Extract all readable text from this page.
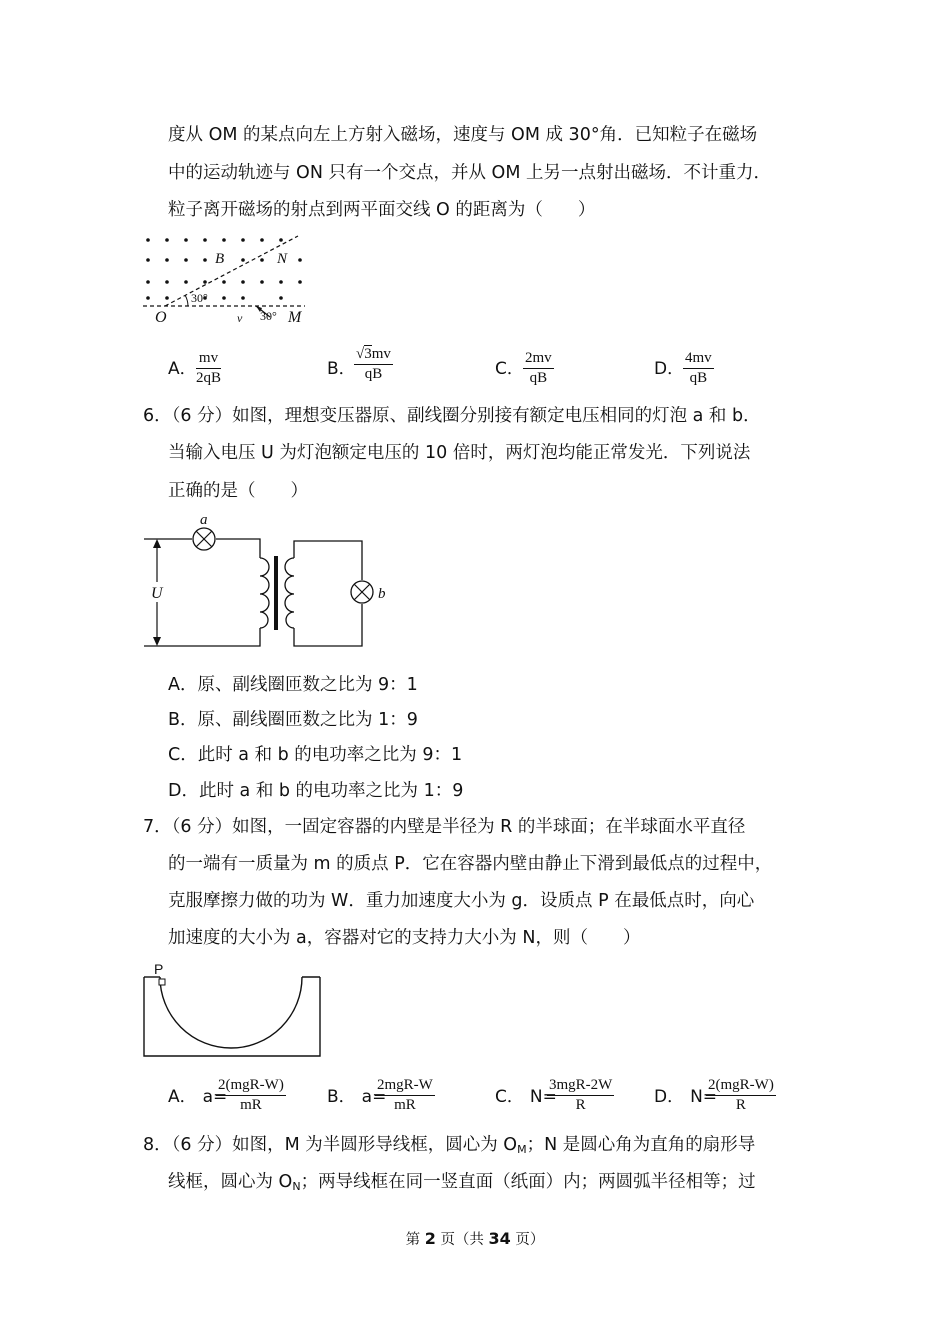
度从 OM 的某点向左上方射入磁场，速度与 OM 成 30°角．已知粒子在磁场
中的运动轨迹与 ON 只有一个交点，并从 OM 上另一点射出磁场．不计重力．
粒子离开磁场的射点到两平面交线 O 的距离为（　　）
30°
30°
B	N
O	M
v
A．
mv
2qB	B．
√3mv
qB	C．
2mv
qB	D．
4mv
qB
6．（6 分）如图，理想变压器原、副线圈分别接有额定电压相同的灯泡 a 和 b．
当输入电压 U 为灯泡额定电压的 10 倍时，两灯泡均能正常发光．下列说法
正确的是（　　）
U
a
b
A．原、副线圈匝数之比为 9：1
B．原、副线圈匝数之比为 1：9
C．此时 a 和 b 的电功率之比为 9：1
D．此时 a 和 b 的电功率之比为 1：9
7．（6 分）如图，一固定容器的内壁是半径为 R 的半球面；在半球面水平直径
的一端有一质量为 m 的质点 P．它在容器内壁由静止下滑到最低点的过程中，
克服摩擦力做的功为 W．重力加速度大小为 g．设质点 P 在最低点时，向心
加速度的大小为 a，容器对它的支持力大小为 N，则（　　）
P
A． a=
2(mgR-W)
mR	B． a=
2mgR-W
mR	C． N=
3mgR-2W
R	D． N=
2(mgR-W)
R
8．（6 分）如图，M 为半圆形导线框，圆心为 $O_M$；N 是圆心角为直角的扇形导
线框，圆心为 $O_N$；两导线框在同一竖直面（纸面）内；两圆弧半径相等；过
第 2 页（共 34 页）
